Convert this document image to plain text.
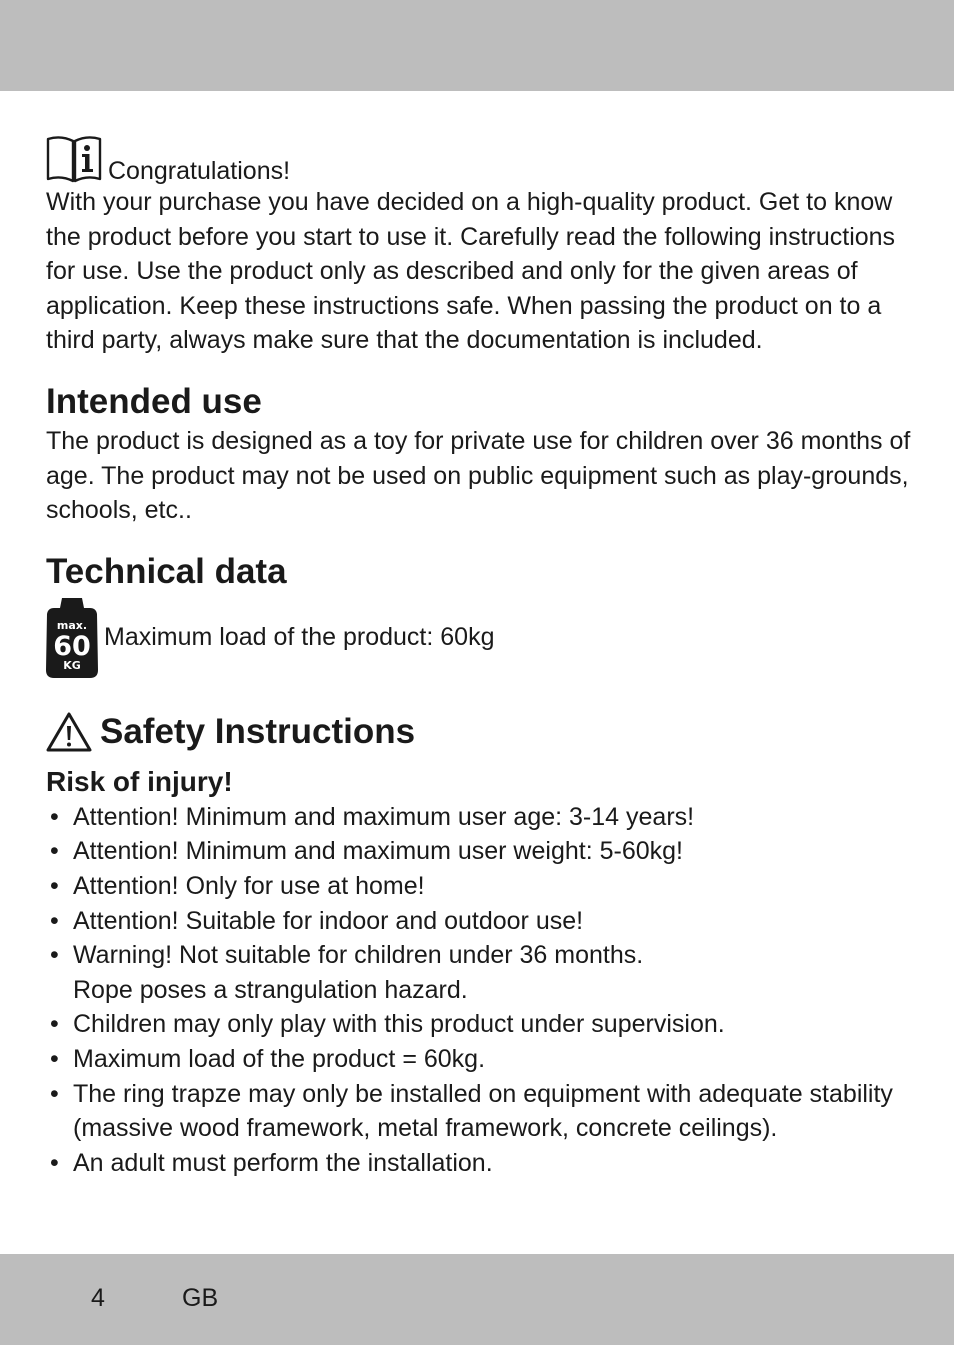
Congratulations!

With your purchase you have decided on a high-quality product. Get to know the product before you start to use it. Carefully read the following instructions for use. Use the product only as described and only for the given areas of application. Keep these instructions safe. When passing the product on to a third party, always make sure that the documentation is included.

Intended use

The product is designed as a toy for private use for children over 36 months of age. The product may not be used on public equipment such as play-grounds, schools, etc..

Technical data
max.
60
KG
Maximum load of the product: 60kg
Safety Instructions
Risk of injury!
• Attention! Minimum and maximum user age: 3-14 years!
• Attention! Minimum and maximum user weight: 5-60kg!
• Attention! Only for use at home!
• Attention! Suitable for indoor and outdoor use!
• Warning! Not suitable for children under 36 months. Rope poses a strangulation hazard.
• Children may only play with this product under supervision.
• Maximum load of the product = 60kg.
• The ring trapze may only be installed on equipment with adequate stability (massive wood framework, metal framework, concrete ceilings).
• An adult must perform the installation.
4	GB
